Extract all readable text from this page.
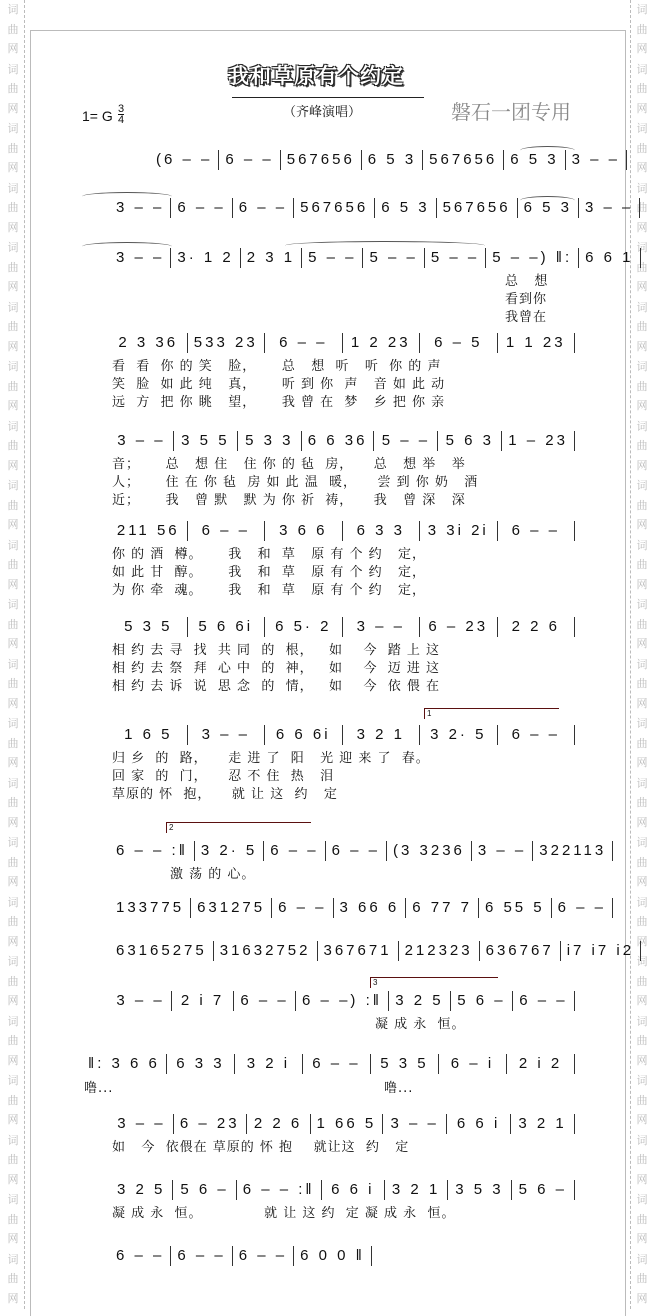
词
曲
网
词
曲
网
词
曲
网
词
曲
网
词
曲
网
词
曲
网
词
曲
网
词
曲
网
词
曲
网
词
曲
网
词
曲
网
词
曲
网
词
曲
网
词
曲
网
词
曲
网
词
曲
网
词
曲
网
词
曲
网
词
曲
网
词
曲
网
词
曲
网
词
曲
网
词
曲
网
词
曲
网
词
曲
网
词
曲
网
词
曲
网
词
曲
网
词
曲
网
词
曲
网
词
曲
网
词
曲
网
词
曲
网
词
曲
网
词
曲
网
词
曲
网
词
曲
网
词
曲
网
词
曲
网
词
曲
网
词
曲
网
词
曲
网
词
曲
网
词
曲
网
我和草原有个约定
（齐峰演唱）	磐石一团专用
1= G 3
4
(6 – – 6 – – 567656 6 5 3 567656 6 5 3 3 – –
3 – – 6 – – 6 – – 567656 6 5 3 567656 6 5 3 3 – –
3 – – 3· 1 2 2 3 1 5 – – 5 – – 5 – – 5 – –) ‖: 6 6 1
总   想
看到你
我曾在
2 3 36	533 23	6 – –	1 2 23	6 – 5	1 1 23
看  看  你 的 笑   脸，     总   想  听   听  你 的 声
笑  脸  如 此 纯   真，     听 到 你  声   音 如 此 动
远  方  把 你 眺   望，     我 曾 在  梦   乡 把 你 亲
3 – –	3 5 5	5 3 3 6 6 36 5 – –	5 6 3 1 – 23
音；     总   想 住   住 你 的 毡  房，    总   想 举   举
人；     住 在 你 毡  房 如 此 温  暖，    尝 到 你 奶   酒
近；     我   曾 默   默 为 你 祈  祷，    我   曾 深   深
211 56	6 – –	3 6 6	6 3 3	3 3i 2i	6 – –
你 的 酒  樽。     我   和  草   原 有 个 约   定，
如 此 甘  醇。     我   和  草   原 有 个 约   定，
为 你 牵  魂。     我   和  草   原 有 个 约   定，
5 3 5	5 6 6i	6 5· 2	3 – –	6 – 23	2 2 6
相 约 去 寻  找  共 同  的  根，   如    今  踏 上 这
相 约 去 祭  拜  心 中  的  神，   如    今  迈 进 这
相 约 去 诉  说  思 念  的  情，   如    今  依 偎 在
1 6 5	3 – –	6 6 6i	3 2 1	3 2· 5	6 – –
归 乡  的  路，    走 进 了  阳   光 迎 来 了  春。
回 家  的  门，    忍 不 住  热   泪
草原的 怀  抱，    就 让 这  约   定
6 – – :‖ 3 2· 5 6 – – 6 – – (3 3236 3 – – 322113
激 荡 的 心。
133775 631275 6 – – 3 66 6 6 77 7 6 55 5 6 – –
63165275 31632752 367671 212323 636767 i7 i7 i2
3 – –	2 i 7	6 – – 6 – –) :‖ 3 2 5 5 6 – 6 – –
凝 成 永  恒。
‖: 3 6 6	6 3 3	3 2 i	6 – –	5 3 5	6 – i	2 i 2
噜...	噜...
3 – – 6 – 23 2 2 6 1 66 5 3 – –	6 6 i	3 2 1
如   今  依偎在 草原的 怀 抱    就让这  约   定
3 2 5 5 6 – 6 – – :‖	6 6 i	3 2 1 3 5 3 5 6 –
凝 成 永  恒。            就 让 这 约  定 凝 成 永  恒。
6 – – 6 – – 6 – – 6 0 0 ‖
1
2
3
